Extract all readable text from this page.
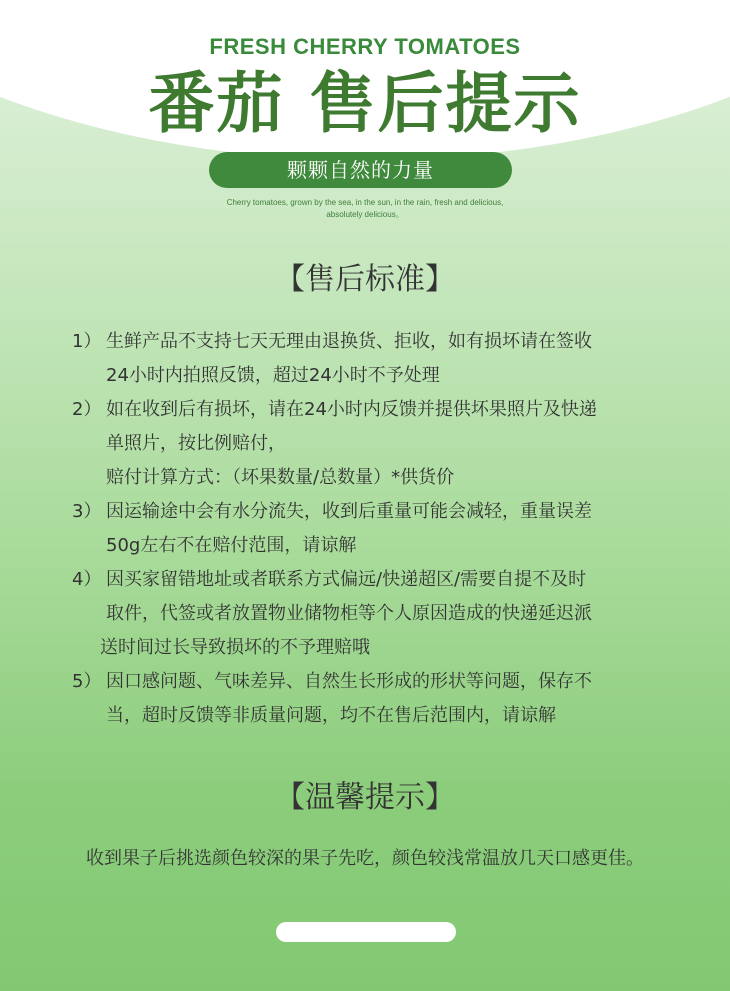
FRESH CHERRY TOMATOES
番茄 售后提示
颗颗自然的力量
Cherry tomatoes, grown by the sea, in the sun, in the rain, fresh and delicious,
absolutely delicious。
【售后标准】
1） 生鲜产品不支持七天无理由退换货、拒收，如有损坏请在签收
24小时内拍照反馈，超过24小时不予处理
2） 如在收到后有损坏，请在24小时内反馈并提供坏果照片及快递
单照片，按比例赔付，
赔付计算方式：（坏果数量/总数量）*供货价
3） 因运输途中会有水分流失，收到后重量可能会减轻，重量误差
50g左右不在赔付范围，请谅解
4） 因买家留错地址或者联系方式偏远/快递超区/需要自提不及时
取件，代签或者放置物业储物柜等个人原因造成的快递延迟派
送时间过长导致损坏的不予理赔哦
5） 因口感问题、气味差异、自然生长形成的形状等问题，保存不
当，超时反馈等非质量问题，均不在售后范围内，请谅解
【温馨提示】
收到果子后挑选颜色较深的果子先吃，颜色较浅常温放几天口感更佳。
